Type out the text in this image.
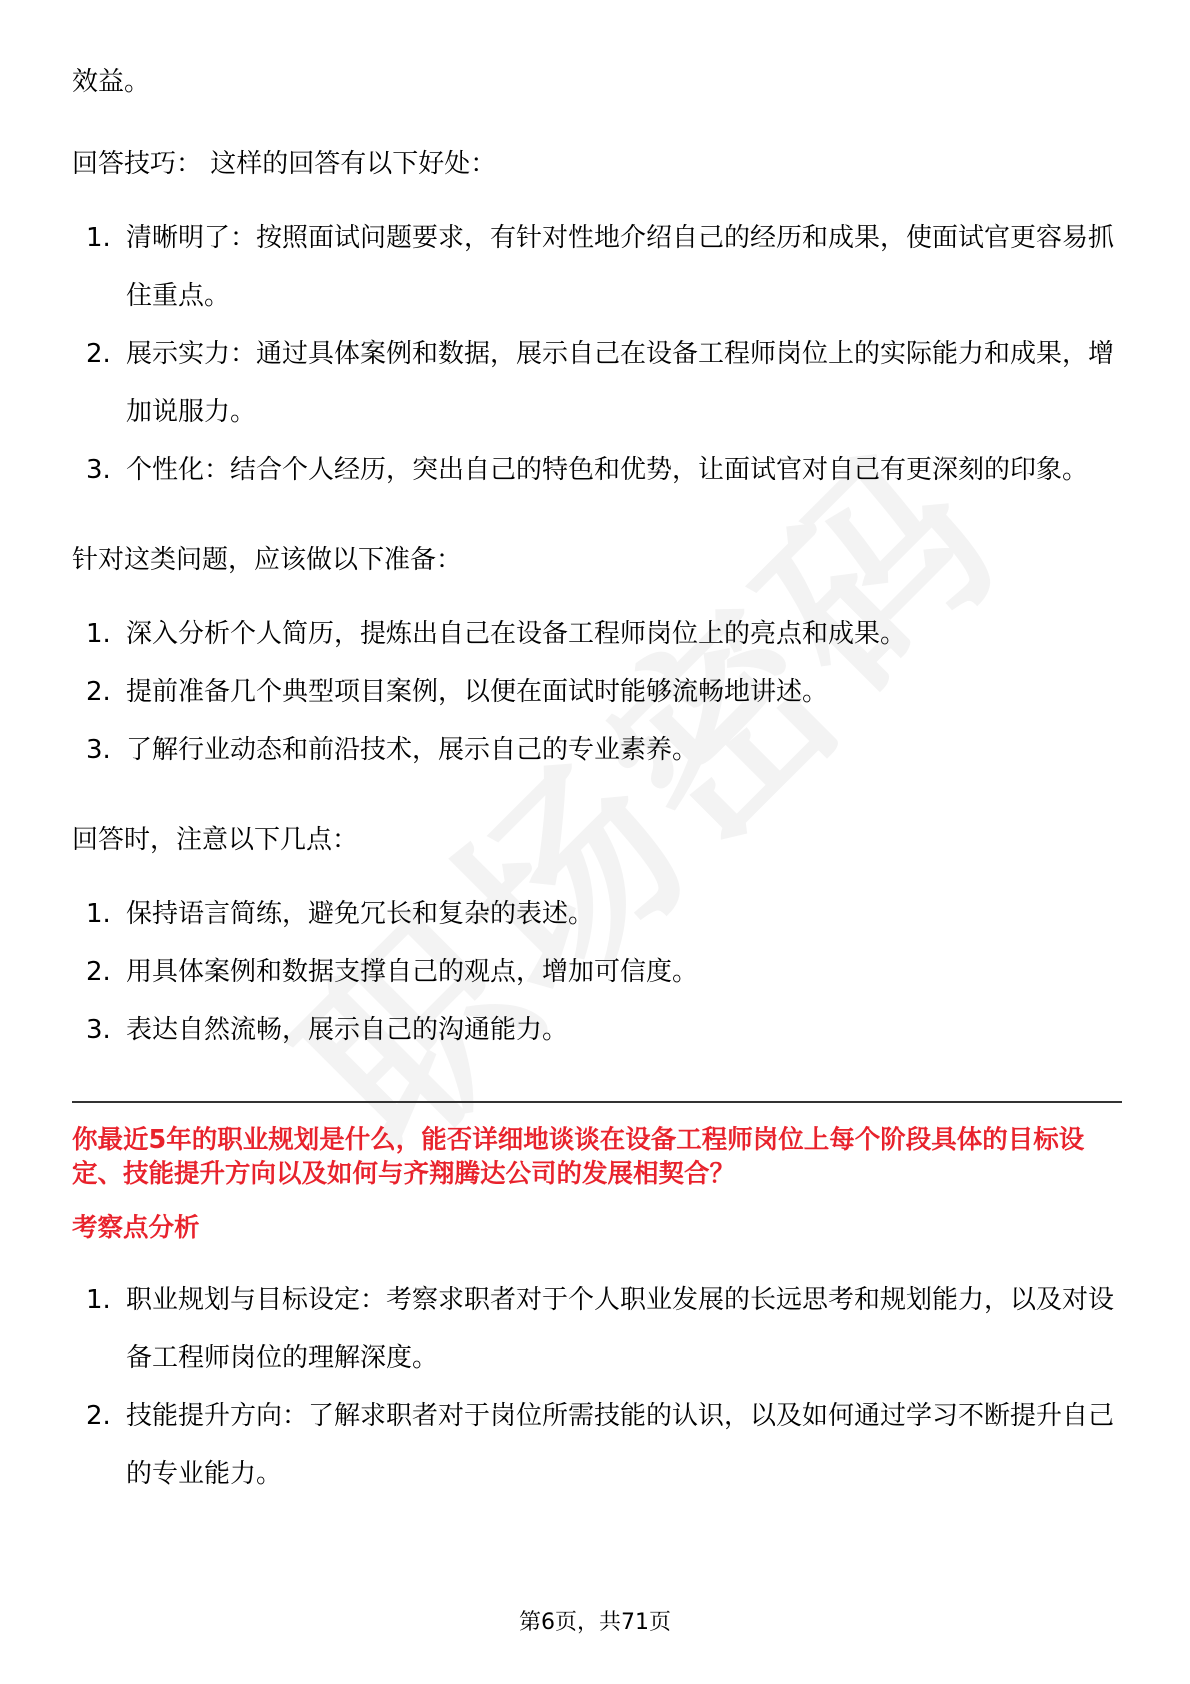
效益。

回答技巧： 这样的回答有以下好处：

1. 清晰明了：按照面试问题要求，有针对性地介绍自己的经历和成果，使面试官更容易抓住重点。
2. 展示实力：通过具体案例和数据，展示自己在设备工程师岗位上的实际能力和成果，增加说服力。
3. 个性化：结合个人经历，突出自己的特色和优势，让面试官对自己有更深刻的印象。

针对这类问题，应该做以下准备：

1. 深入分析个人简历，提炼出自己在设备工程师岗位上的亮点和成果。
2. 提前准备几个典型项目案例，以便在面试时能够流畅地讲述。
3. 了解行业动态和前沿技术，展示自己的专业素养。

回答时，注意以下几点：

1. 保持语言简练，避免冗长和复杂的表述。
2. 用具体案例和数据支撑自己的观点，增加可信度。
3. 表达自然流畅，展示自己的沟通能力。

你最近5年的职业规划是什么，能否详细地谈谈在设备工程师岗位上每个阶段具体的目标设定、技能提升方向以及如何与齐翔腾达公司的发展相契合？

考察点分析

1. 职业规划与目标设定：考察求职者对于个人职业发展的长远思考和规划能力，以及对设备工程师岗位的理解深度。
2. 技能提升方向：了解求职者对于岗位所需技能的认识，以及如何通过学习不断提升自己的专业能力。
第6页，共71页
